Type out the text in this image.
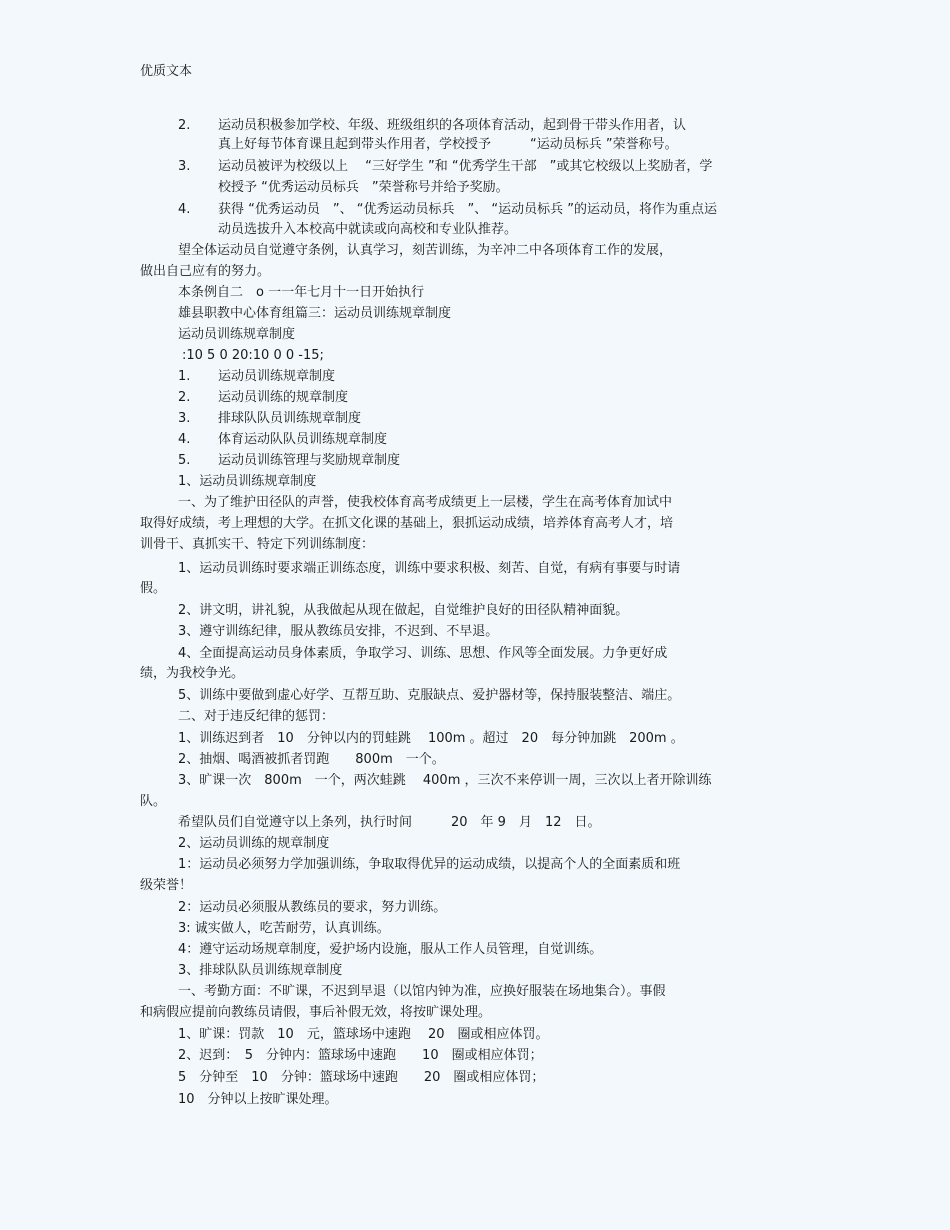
优质文本
2. 运动员积极参加学校、年级、班级组织的各项体育活动，起到骨干带头作用者，认
真上好每节体育课且起到带头作用者，学校授予　　　“运动员标兵 ”荣誉称号。
3. 运动员被评为校级以上　 “三好学生 ”和 “优秀学生干部　”或其它校级以上奖励者，学
校授予 “优秀运动员标兵　”荣誉称号并给予奖励。
4. 获得 “优秀运动员　”、 “优秀运动员标兵　”、 “运动员标兵 ”的运动员，将作为重点运
动员选拔升入本校高中就读或向高校和专业队推荐。
望全体运动员自觉遵守条例，认真学习，刻苦训练，为辛冲二中各项体育工作的发展，
做出自己应有的努力。
本条例自二　o 一一年七月十一日开始执行
雄县职教中心体育组篇三：运动员训练规章制度
运动员训练规章制度
:10 5 0 20:10 0 0 -15;
1. 运动员训练规章制度
2. 运动员训练的规章制度
3. 排球队队员训练规章制度
4. 体育运动队队员训练规章制度
5. 运动员训练管理与奖励规章制度
1、运动员训练规章制度
一、为了维护田径队的声誉，使我校体育高考成绩更上一层楼，学生在高考体育加试中
取得好成绩，考上理想的大学。在抓文化课的基础上，狠抓运动成绩，培养体育高考人才，培
训骨干、真抓实干、特定下列训练制度：
1、运动员训练时要求端正训练态度，训练中要求积极、刻苦、自觉，有病有事要与时请
假。
2、讲文明，讲礼貌，从我做起从现在做起，自觉维护良好的田径队精神面貌。
3、遵守训练纪律，服从教练员安排，不迟到、不早退。
4、全面提高运动员身体素质，争取学习、训练、思想、作风等全面发展。力争更好成
绩，为我校争光。
5、训练中要做到虚心好学、互帮互助、克服缺点、爱护器材等，保持服装整洁、端庄。
二、对于违反纪律的惩罚：
1、训练迟到者　10　分钟以内的罚蛙跳　 100m 。超过　20　每分钟加跳　200m 。
2、抽烟、喝酒被抓者罚跑　　800m　一个。
3、旷课一次　800m　一个，两次蛙跳　 400m ，三次不来停训一周，三次以上者开除训练
队。
希望队员们自觉遵守以上条列，执行时间　　　20　年 9　月　12　日。
2、运动员训练的规章制度
1：运动员必须努力学加强训练，争取取得优异的运动成绩，以提高个人的全面素质和班
级荣誉！
2：运动员必须服从教练员的要求，努力训练。
3: 诚实做人，吃苦耐劳，认真训练。
4：遵守运动场规章制度，爱护场内设施，服从工作人员管理，自觉训练。
3、排球队队员训练规章制度
一、考勤方面：不旷课，不迟到早退（以馆内钟为准，应换好服装在场地集合）。事假
和病假应提前向教练员请假，事后补假无效，将按旷课处理。
1、旷课：罚款　10　元，篮球场中速跑　 20　圈或相应体罚。
2、迟到：　5　分钟内：篮球场中速跑　　10　圈或相应体罚；
5　分钟至　10　分钟：篮球场中速跑　　20　圈或相应体罚；
10　分钟以上按旷课处理。
